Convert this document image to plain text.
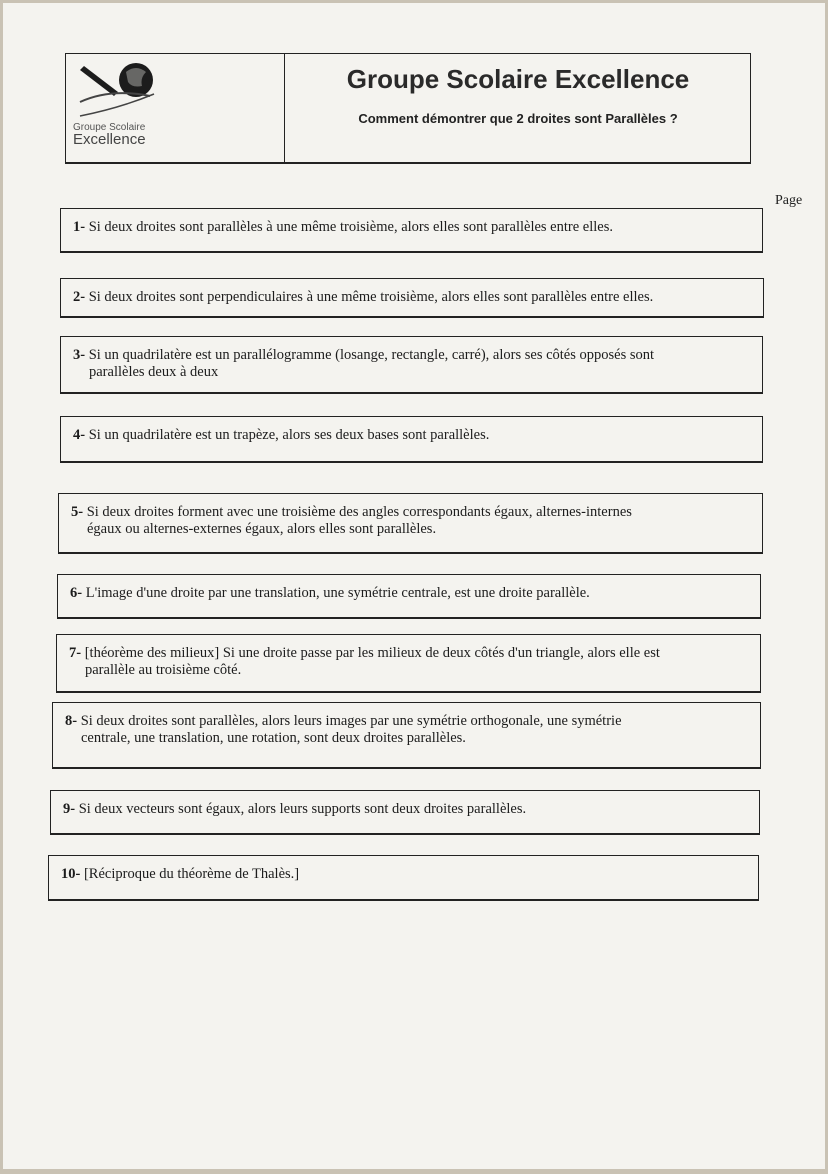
Groupe Scolaire
Excellence
Groupe Scolaire Excellence
Comment démontrer que 2 droites sont Parallèles ?
Page
1- Si deux droites sont parallèles à une même troisième, alors elles sont parallèles entre elles.
2- Si deux droites sont perpendiculaires à une même troisième, alors elles sont parallèles entre elles.
3- Si un quadrilatère est un parallélogramme (losange, rectangle, carré), alors ses côtés opposés sont
parallèles deux à deux
4- Si un quadrilatère est un trapèze, alors ses deux bases sont parallèles.
5- Si deux droites forment avec une troisième des angles correspondants égaux, alternes-internes
égaux ou alternes-externes égaux, alors elles sont parallèles.
6- L'image d'une droite par une translation, une symétrie centrale, est une droite parallèle.
7- [théorème des milieux] Si une droite passe par les milieux de deux côtés d'un triangle, alors elle est
parallèle au troisième côté.
8- Si deux droites sont parallèles, alors leurs images par une symétrie orthogonale, une symétrie
centrale, une translation, une rotation, sont deux droites parallèles.
9- Si deux vecteurs sont égaux, alors leurs supports sont deux droites parallèles.
10- [Réciproque du théorème de Thalès.]
